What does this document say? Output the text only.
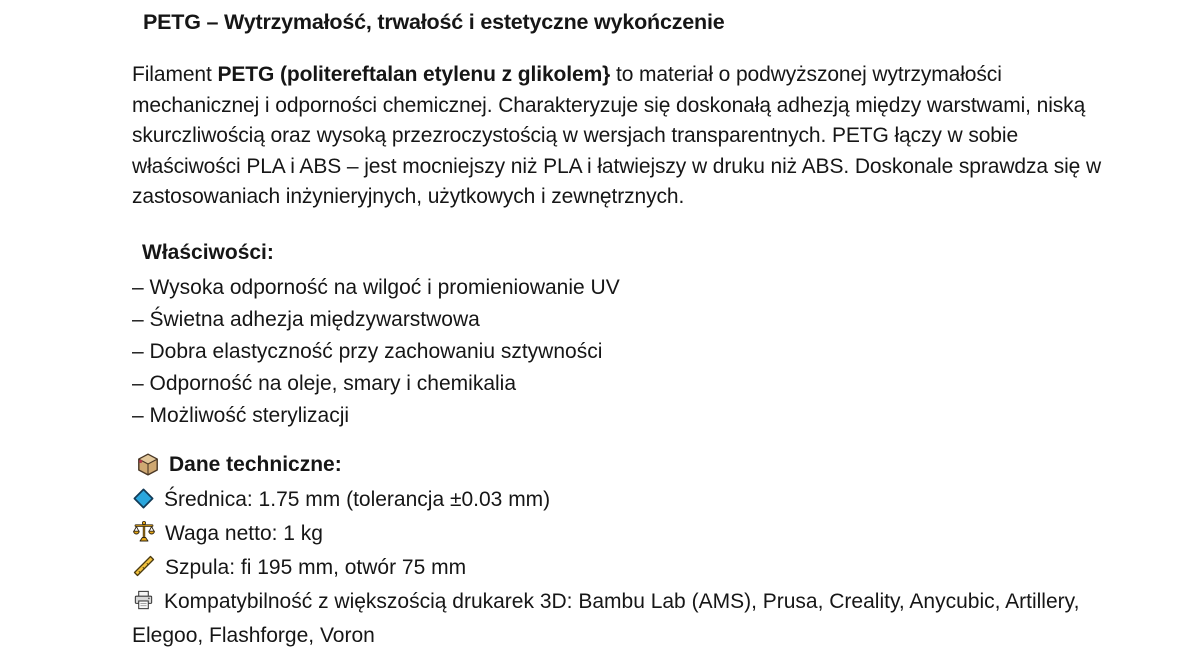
PETG – Wytrzymałość, trwałość i estetyczne wykończenie

Filament PETG (politereftalan etylenu z glikolem} to materiał o podwyższonej wytrzymałości mechanicznej i odporności chemicznej. Charakteryzuje się doskonałą adhezją między warstwami, niską skurczliwością oraz wysoką przezroczystością w wersjach transparentnych. PETG łączy w sobie właściwości PLA i ABS – jest mocniejszy niż PLA i łatwiejszy w druku niż ABS. Doskonale sprawdza się w zastosowaniach inżynieryjnych, użytkowych i zewnętrznych.

Właściwości:
– Wysoka odporność na wilgoć i promieniowanie UV
– Świetna adhezja międzywarstwowa
– Dobra elastyczność przy zachowaniu sztywności
– Odporność na oleje, smary i chemikalia
– Możliwość sterylizacji
Dane techniczne:

Średnica: 1.75 mm (tolerancja ±0.03 mm)

Waga netto: 1 kg

Szpula: fi 195 mm, otwór 75 mm

Kompatybilność z większością drukarek 3D: Bambu Lab (AMS), Prusa, Creality, Anycubic, Artillery, Elegoo, Flashforge, Voron
